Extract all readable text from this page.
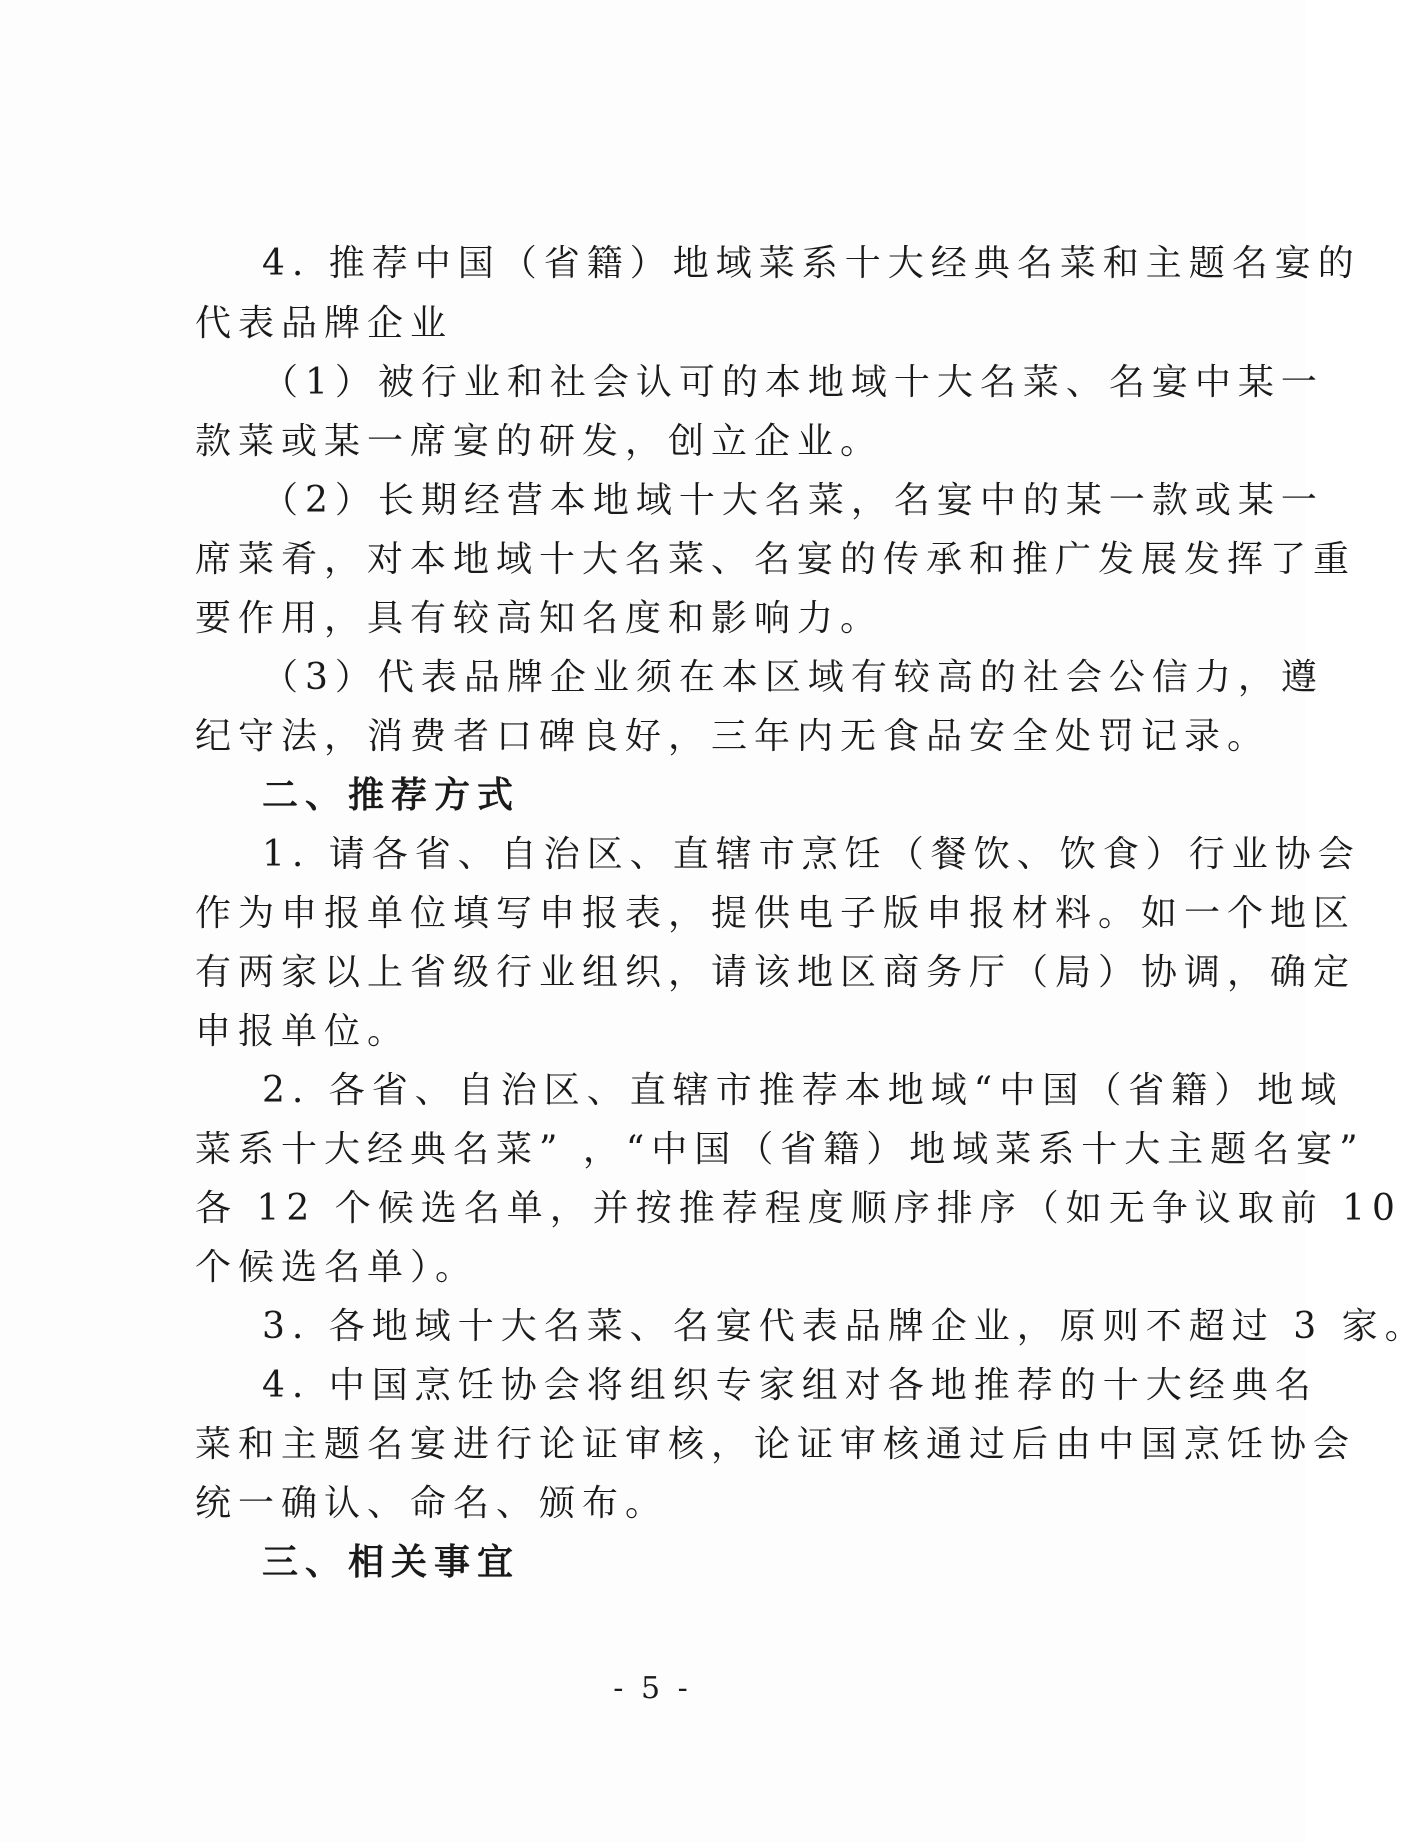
4. 推荐中国（省籍）地域菜系十大经典名菜和主题名宴的
代表品牌企业
（1）被行业和社会认可的本地域十大名菜、名宴中某一
款菜或某一席宴的研发，创立企业。
（2）长期经营本地域十大名菜，名宴中的某一款或某一
席菜肴，对本地域十大名菜、名宴的传承和推广发展发挥了重
要作用，具有较高知名度和影响力。
（3）代表品牌企业须在本区域有较高的社会公信力，遵
纪守法，消费者口碑良好，三年内无食品安全处罚记录。
二、推荐方式
1. 请各省、自治区、直辖市烹饪（餐饮、饮食）行业协会
作为申报单位填写申报表，提供电子版申报材料。如一个地区
有两家以上省级行业组织，请该地区商务厅（局）协调，确定
申报单位。
2. 各省、自治区、直辖市推荐本地域“中国（省籍）地域
菜系十大经典名菜” ，“中国（省籍）地域菜系十大主题名宴”
各 12 个候选名单，并按推荐程度顺序排序（如无争议取前 10
个候选名单）。
3. 各地域十大名菜、名宴代表品牌企业，原则不超过 3 家。
4. 中国烹饪协会将组织专家组对各地推荐的十大经典名
菜和主题名宴进行论证审核，论证审核通过后由中国烹饪协会
统一确认、命名、颁布。
三、相关事宜
- 5 -
